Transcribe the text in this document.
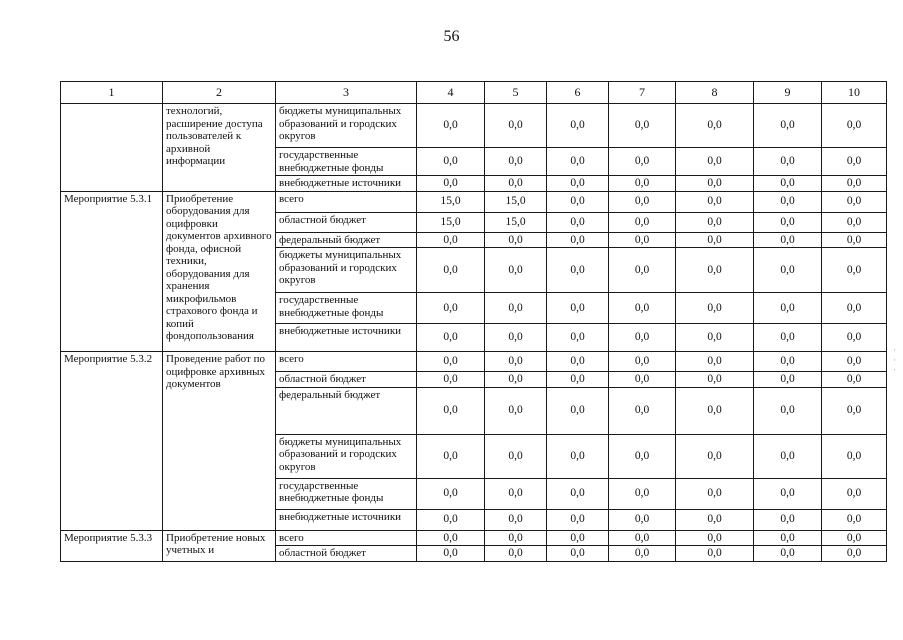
56
1	2	3	4	5	6	7	8	9	10
	технологий, расширение доступа пользователей к архивной информации	бюджеты муниципальных образований и городских округов	0,0	0,0	0,0	0,0	0,0	0,0	0,0
		государственные внебюджетные фонды	0,0	0,0	0,0	0,0	0,0	0,0	0,0
		внебюджетные источники	0,0	0,0	0,0	0,0	0,0	0,0	0,0
Мероприятие 5.3.1	Приобретение оборудования для оцифровки документов архивного фонда, офисной техники, оборудования для хранения микрофильмов страхового фонда и копий фондопользования	всего	15,0	15,0	0,0	0,0	0,0	0,0	0,0
		областной бюджет	15,0	15,0	0,0	0,0	0,0	0,0	0,0
		федеральный бюджет	0,0	0,0	0,0	0,0	0,0	0,0	0,0
		бюджеты муниципальных образований и городских округов	0,0	0,0	0,0	0,0	0,0	0,0	0,0
		государственные внебюджетные фонды	0,0	0,0	0,0	0,0	0,0	0,0	0,0
		внебюджетные источники	0,0	0,0	0,0	0,0	0,0	0,0	0,0
Мероприятие 5.3.2	Проведение работ по оцифровке архивных документов	всего	0,0	0,0	0,0	0,0	0,0	0,0	0,0
		областной бюджет	0,0	0,0	0,0	0,0	0,0	0,0	0,0
		федеральный бюджет	0,0	0,0	0,0	0,0	0,0	0,0	0,0
		бюджеты муниципальных образований и городских округов	0,0	0,0	0,0	0,0	0,0	0,0	0,0
		государственные внебюджетные фонды	0,0	0,0	0,0	0,0	0,0	0,0	0,0
		внебюджетные источники	0,0	0,0	0,0	0,0	0,0	0,0	0,0
Мероприятие 5.3.3	Приобретение новых учетных и	всего	0,0	0,0	0,0	0,0	0,0	0,0	0,0
		областной бюджет	0,0	0,0	0,0	0,0	0,0	0,0	0,0
·
·
·
